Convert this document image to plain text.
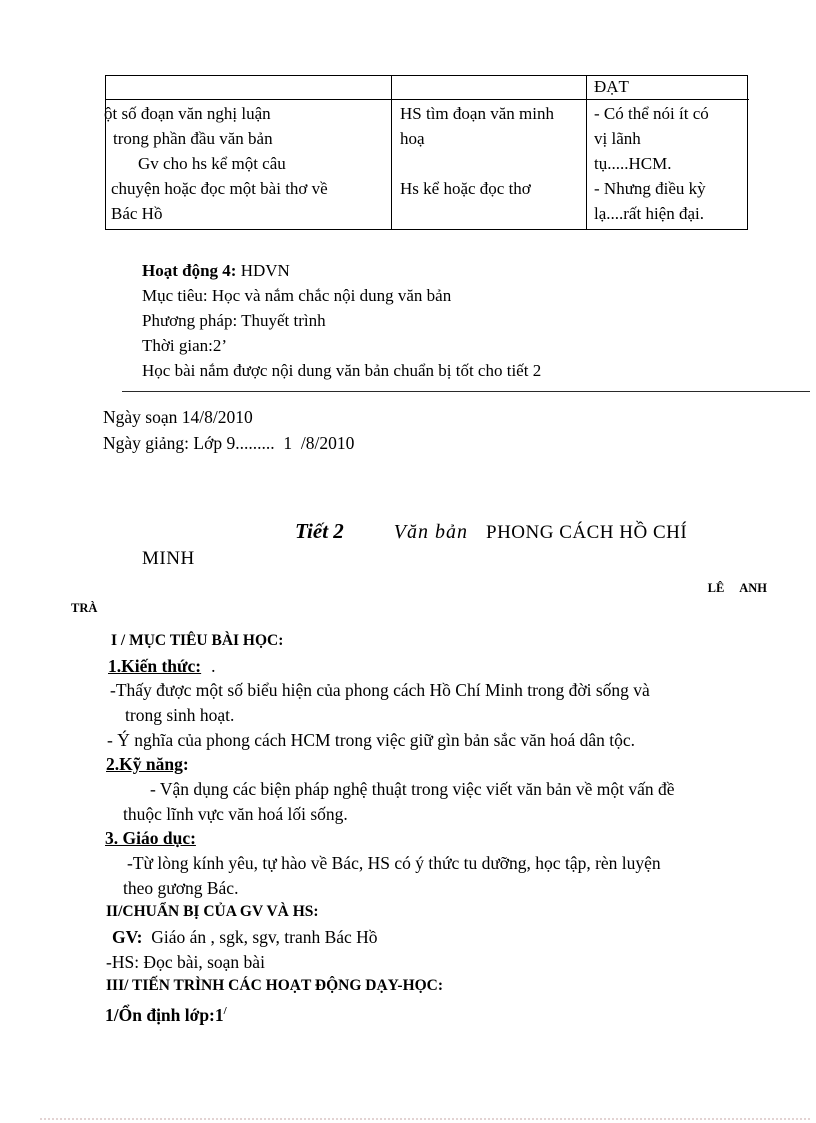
ĐẠT
ột số đoạn văn nghị luận
trong phần đầu văn bản
Gv cho hs kể một câu
chuyện hoặc đọc một bài thơ về
Bác Hồ
HS tìm đoạn văn minh hoạ
Hs kể hoặc đọc thơ
- Có thể nói ít có
vị lãnh
tụ.....HCM.
- Nhưng điều kỳ
lạ....rất hiện đại.
Hoạt động 4: HDVN
Mục tiêu: Học và nắm chắc nội dung văn bản
Phương pháp: Thuyết trình
Thời gian:2’
Học bài nắm được nội dung văn bản chuẩn bị tốt cho tiết 2
Ngày soạn 14/8/2010
Ngày giảng: Lớp 9.........  1  /8/2010
Tiết 2	Văn bản PHONG CÁCH HỒ CHÍ
MINH
LÊ     ANH
TRÀ
I / MỤC TIÊU BÀI HỌC:
1.Kiến thức: .
-Thấy được một số biểu hiện của phong cách Hồ Chí Minh trong đời sống và
trong sinh hoạt.
- Ý nghĩa của phong cách HCM trong việc giữ gìn bản sắc văn hoá dân tộc.
2.Kỹ năng:
- Vận dụng các biện pháp nghệ thuật trong việc viết văn bản về một vấn đề
thuộc lĩnh vực văn hoá lối sống.
3. Giáo dục:
-Từ lòng kính yêu, tự hào về Bác, HS có ý thức tu dưỡng, học tập, rèn luyện
theo gương Bác.
II/CHUẨN BỊ CỦA GV VÀ HS:
GV:  Giáo án , sgk, sgv, tranh Bác Hồ
-HS: Đọc bài, soạn bài
III/ TIẾN TRÌNH CÁC HOẠT ĐỘNG DẠY-HỌC:
1/Ổn định lớp:1/
